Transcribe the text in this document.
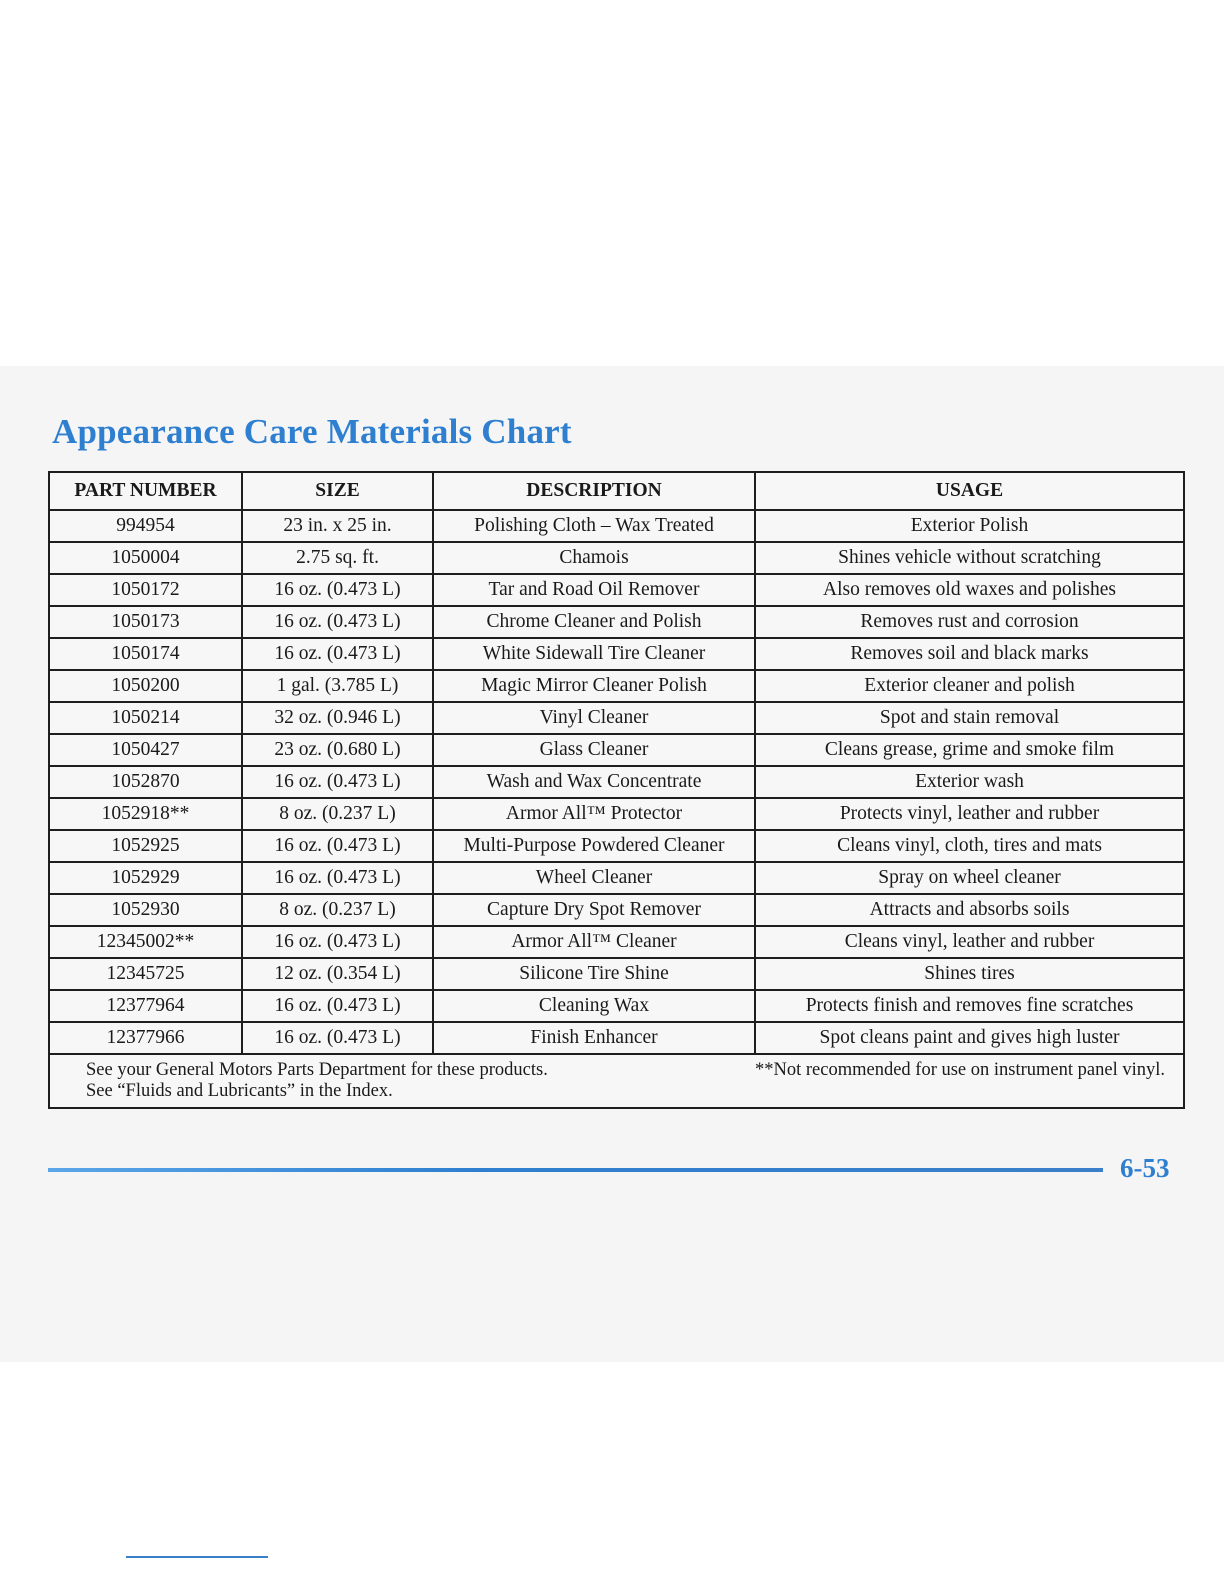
Appearance Care Materials Chart
PART NUMBER	SIZE	DESCRIPTION	USAGE
994954	23 in. x 25 in.	Polishing Cloth – Wax Treated	Exterior Polish
1050004	2.75 sq. ft.	Chamois	Shines vehicle without scratching
1050172	16 oz. (0.473 L)	Tar and Road Oil Remover	Also removes old waxes and polishes
1050173	16 oz. (0.473 L)	Chrome Cleaner and Polish	Removes rust and corrosion
1050174	16 oz. (0.473 L)	White Sidewall Tire Cleaner	Removes soil and black marks
1050200	1 gal. (3.785 L)	Magic Mirror Cleaner Polish	Exterior cleaner and polish
1050214	32 oz. (0.946 L)	Vinyl Cleaner	Spot and stain removal
1050427	23 oz. (0.680 L)	Glass Cleaner	Cleans grease, grime and smoke film
1052870	16 oz. (0.473 L)	Wash and Wax Concentrate	Exterior wash
1052918**	8 oz. (0.237 L)	Armor All™ Protector	Protects vinyl, leather and rubber
1052925	16 oz. (0.473 L)	Multi-Purpose Powdered Cleaner	Cleans vinyl, cloth, tires and mats
1052929	16 oz. (0.473 L)	Wheel Cleaner	Spray on wheel cleaner
1052930	8 oz. (0.237 L)	Capture Dry Spot Remover	Attracts and absorbs soils
12345002**	16 oz. (0.473 L)	Armor All™ Cleaner	Cleans vinyl, leather and rubber
12345725	12 oz. (0.354 L)	Silicone Tire Shine	Shines tires
12377964	16 oz. (0.473 L)	Cleaning Wax	Protects finish and removes fine scratches
12377966	16 oz. (0.473 L)	Finish Enhancer	Spot cleans paint and gives high luster

See your General Motors Parts Department for these products. **Not recommended for use on instrument panel vinyl.
See “Fluids and Lubricants” in the Index.			
6-53
